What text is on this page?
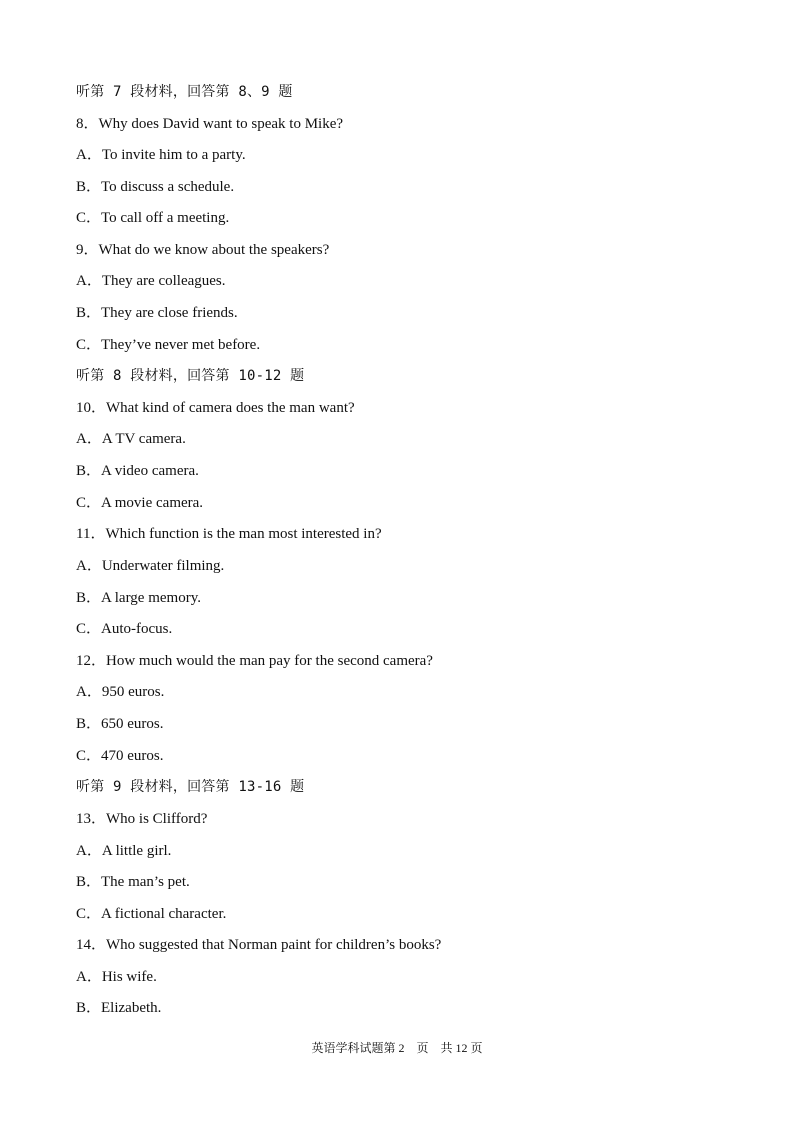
听第 7 段材料，回答第 8、9 题
8．Why does David want to speak to Mike?
A．To invite him to a party.
B．To discuss a schedule.
C．To call off a meeting.
9．What do we know about the speakers?
A．They are colleagues.
B．They are close friends.
C．They’ve never met before.
听第 8 段材料，回答第 10-12 题
10．What kind of camera does the man want?
A．A TV camera.
B．A video camera.
C．A movie camera.
11．Which function is the man most interested in?
A．Underwater filming.
B．A large memory.
C．Auto-focus.
12．How much would the man pay for the second camera?
A．950 euros.
B．650 euros.
C．470 euros.
听第 9 段材料，回答第 13-16 题
13．Who is Clifford?
A．A little girl.
B．The man’s pet.
C．A fictional character.
14．Who suggested that Norman paint for children’s books?
A．His wife.
B．Elizabeth.
英语学科试题第 2　页　共 12 页
